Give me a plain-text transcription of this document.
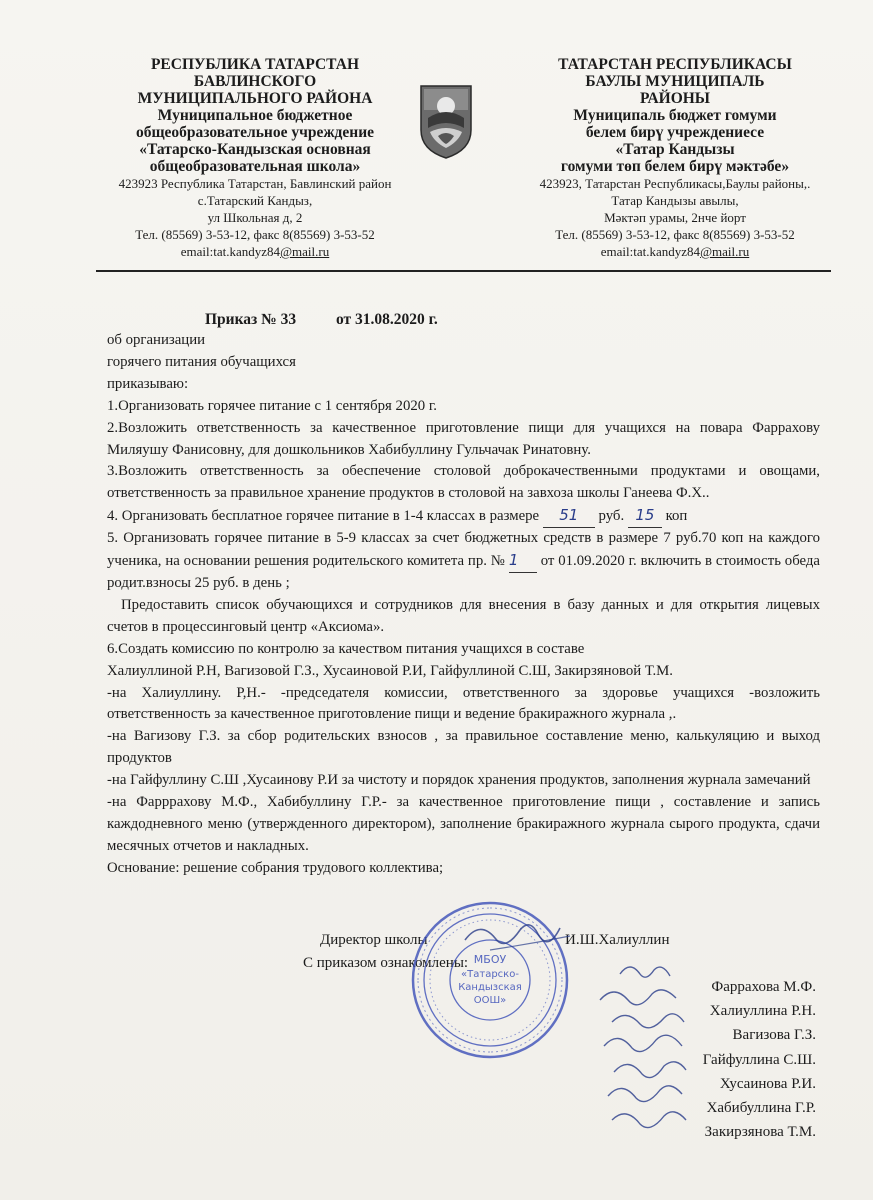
РЕСПУБЛИКА ТАТАРСТАН
БАВЛИНСКОГО
МУНИЦИПАЛЬНОГО РАЙОНА
Муниципальное бюджетное
общеобразовательное учреждение
«Татарско-Кандызская основная
общеобразовательная школа»
423923 Республика Татарстан, Бавлинский район
с.Татарский Кандыз,
ул Школьная д, 2
Тел. (85569) 3-53-12, факс 8(85569) 3-53-52
email:tat.kandyz84@mail.ru
ТАТАРСТАН РЕСПУБЛИКАСЫ
БАУЛЫ МУНИЦИПАЛЬ
РАЙОНЫ
Муниципаль бюджет гомуми
белем бирү учреждениесе
«Татар Кандызы
гомуми төп белем бирү мәктәбе»
423923, Татарстан Республикасы,Баулы районы,.
Татар Кандызы авылы,
Мәктәп урамы, 2нче йорт
Тел. (85569) 3-53-12, факс 8(85569) 3-53-52
email:tat.kandyz84@mail.ru
Приказ № 33	от 31.08.2020 г.

об организации

горячего питания обучащихся

приказываю:

1.Организовать горячее питание с 1 сентября 2020 г.

2.Возложить ответственность за качественное приготовление пищи для учащихся на повара Фаррахову Миляушу Фанисовну, для дошкольников Хабибуллину Гульчачак Ринатовну.

3.Возложить ответственность за обеспечение столовой доброкачественными продуктами и овощами, ответственность за правильное хранение продуктов в столовой на завхоза школы Ганеева Ф.Х..

4. Организовать бесплатное горячее питание в 1-4 классах в размере 51 руб. 15 коп

5. Организовать горячее питание в 5-9 классах за счет бюджетных средств в размере 7 руб.70 коп на каждого ученика, на основании решения родительского комитета пр. № 1 от 01.09.2020 г. включить в стоимость обеда родит.взносы 25 руб. в день ;

Предоставить список обучающихся и сотрудников для внесения в базу данных и для открытия лицевых счетов в процессинговый центр «Аксиома».

6.Создать комиссию по контролю за качеством питания учащихся в составе

Халиуллиной Р.Н, Вагизовой Г.З., Хусаиновой Р.И, Гайфуллиной С.Ш, Закирзяновой Т.М.

-на Халиуллину. Р,Н.- -председателя комиссии, ответственного за здоровье учащихся -возложить ответственность за качественное приготовление пищи и ведение бракиражного журнала ,.

-на Вагизову Г.З. за сбор родительских взносов , за правильное составление меню, калькуляцию и выход продуктов

-на Гайфуллину С.Ш ,Хусаинову Р.И за чистоту и порядок хранения продуктов, заполнения журнала замечаний

-на Фарррахову М.Ф., Хабибуллину Г.Р.- за качественное приготовление пищи , составление и запись каждодневного меню (утвержденного директором), заполнение бракиражного журнала сырого продукта, сдачи месячных отчетов и накладных.

Основание: решение собрания трудового коллектива;

Директор школы	И.Ш.Халиуллин
С приказом ознакомлены:
Фаррахова М.Ф.
Халиуллина Р.Н.
Вагизова Г.З.
Гайфуллина С.Ш.
Хусаинова Р.И.
Хабибуллина Г.Р.
Закирзянова Т.М.
МБОУ
«Татарско-
Кандызская
ООШ»
